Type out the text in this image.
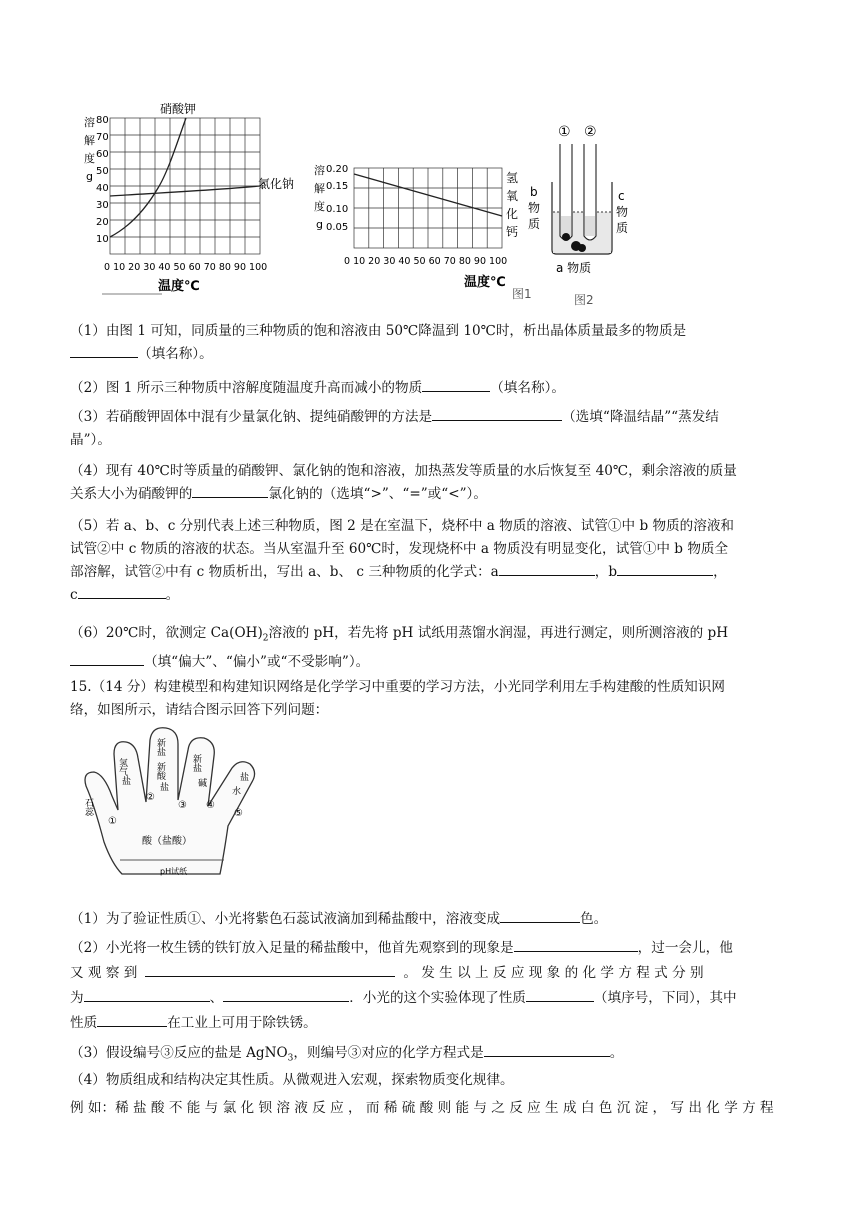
溶
解
度
g
80
70
60
50
40
30
20
10
硝酸钾
氯化钠
0 10 20 30 40 50 60 70 80 90 100
温度℃
溶
解
度
g
0.20
0.15
0.10
0.05
氢
氧
化
钙
0 10 20 30 40 50 60 70 80 90 100
温度℃
图1
① ②
b
物
质
c
物
质
a 物质
图2
（1）由图 1 可知，同质量的三种物质的饱和溶液由 50℃降温到 10℃时，析出晶体质量最多的物质是
（填名称）。
（2）图 1 所示三种物质中溶解度随温度升高而减小的物质	（填名称）。
（3）若硝酸钾固体中混有少量氯化钠、提纯硝酸钾的方法是	（选填“降温结晶”“蒸发结
晶”）。
（4）现有 40℃时等质量的硝酸钾、氯化钠的饱和溶液，加热蒸发等质量的水后恢复至 40℃，剩余溶液的质量
关系大小为硝酸钾的	氯化钠的（选填“>”、“=”或“<”）。
（5）若 a、b、c 分别代表上述三种物质，图 2 是在室温下，烧杯中 a 物质的溶液、试管①中 b 物质的溶液和
试管②中 c 物质的溶液的状态。当从室温升至 60℃时，发现烧杯中 a 物质没有明显变化，试管①中 b 物质全
部溶解，试管②中有 c 物质析出，写出 a、b、 c 三种物质的化学式：a	，b	，
c	。
（6）20℃时，欲测定 $Ca(OH)_2$溶液的 pH，若先将 pH 试纸用蒸馏水润湿，再进行测定，则所测溶液的 pH
（填“偏大”、“偏小”或“不受影响”）。
15.（14 分）构建模型和构建知识网络是化学学习中重要的学习方法，小光同学利用左手构建酸的性质知识网
络，如图所示，请结合图示回答下列问题：
石蕊
氢气
盐
新盐
新酸
盐
新盐
碱
盐
水
①
②
③ ④
⑤
酸（盐酸）
pH试纸
（1）为了验证性质①、小光将紫色石蕊试液滴加到稀盐酸中，溶液变成	色。
（2）小光将一枚生锈的铁钉放入足量的稀盐酸中，他首先观察到的现象是	，过一会儿，他
又 观 察 到	。 发 生 以 上 反 应 现 象 的 化 学 方 程 式 分 别
为	、	．小光的这个实验体现了性质	（填序号，下同），其中
性质	在工业上可用于除铁锈。
（3）假设编号③反应的盐是 AgNO$_3$，则编号③对应的化学方程式是	。
（4）物质组成和结构决定其性质。从微观进入宏观，探索物质变化规律。
例 如：稀 盐 酸 不 能 与 氯 化 钡 溶 液 反 应 ， 而 稀 硫 酸 则 能 与 之 反 应 生 成 白 色 沉 淀 ， 写 出 化 学 方 程
